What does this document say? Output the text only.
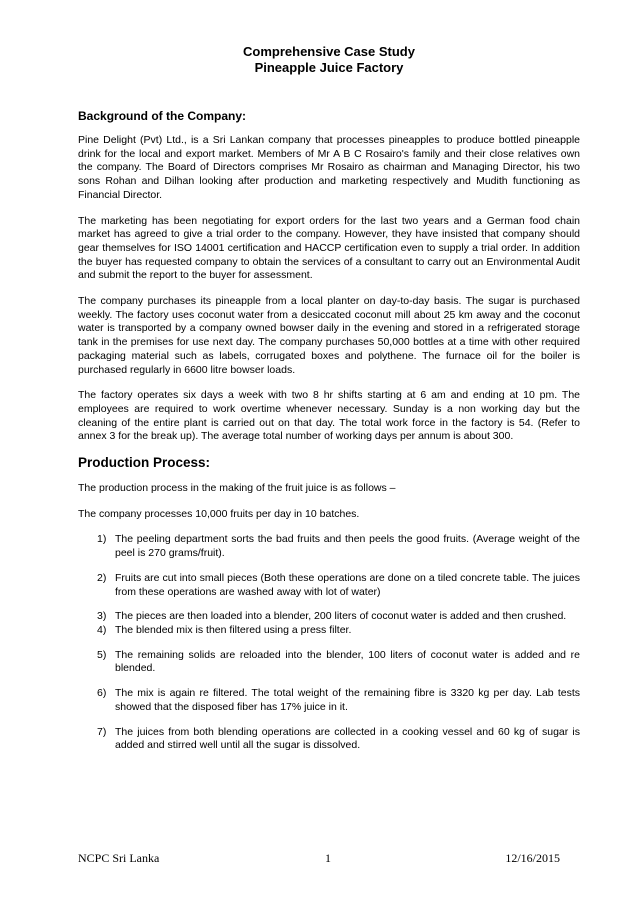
Comprehensive Case Study
Pineapple Juice Factory
Background of the Company:

Pine Delight (Pvt) Ltd., is a Sri Lankan company that processes pineapples to produce bottled pineapple drink for the local and export market. Members of Mr A B C Rosairo's family and their close relatives own the company. The Board of Directors comprises Mr Rosairo as chairman and Managing Director, his two sons Rohan and Dilhan looking after production and marketing respectively and Mudith functioning as Financial Director.

The marketing has been negotiating for export orders for the last two years and a German food chain market has agreed to give a trial order to the company. However, they have insisted that company should gear themselves for ISO 14001 certification and HACCP certification even to supply a trial order. In addition the buyer has requested company to obtain the services of a consultant to carry out an Environmental Audit and submit the report to the buyer for assessment.

The company purchases its pineapple from a local planter on day-to-day basis. The sugar is purchased weekly. The factory uses coconut water from a desiccated coconut mill about 25 km away and the coconut water is transported by a company owned bowser daily in the evening and stored in a refrigerated storage tank in the premises for use next day. The company purchases 50,000 bottles at a time with other required packaging material such as labels, corrugated boxes and polythene. The furnace oil for the boiler is purchased regularly in 6600 litre bowser loads.

The factory operates six days a week with two 8 hr shifts starting at 6 am and ending at 10 pm. The employees are required to work overtime whenever necessary. Sunday is a non working day but the cleaning of the entire plant is carried out on that day. The total work force in the factory is 54. (Refer to annex 3 for the break up). The average total number of working days per annum is about 300.

Production Process:

The production process in the making of the fruit juice is as follows –

The company processes 10,000 fruits per day in 10 batches.

1) The peeling department sorts the bad fruits and then peels the good fruits. (Average weight of the peel is 270 grams/fruit).
2) Fruits are cut into small pieces (Both these operations are done on a tiled concrete table. The juices from these operations are washed away with lot of water)
3) The pieces are then loaded into a blender, 200 liters of coconut water is added and then crushed.
4) The blended mix is then filtered using a press filter.
5) The remaining solids are reloaded into the blender, 100 liters of coconut water is added and re blended.
6) The mix is again re filtered. The total weight of the remaining fibre is 3320 kg per day. Lab tests showed that the disposed fiber has 17% juice in it.
7) The juices from both blending operations are collected in a cooking vessel and 60 kg of sugar is added and stirred well until all the sugar is dissolved.
NCPC Sri Lanka	1	12/16/2015
